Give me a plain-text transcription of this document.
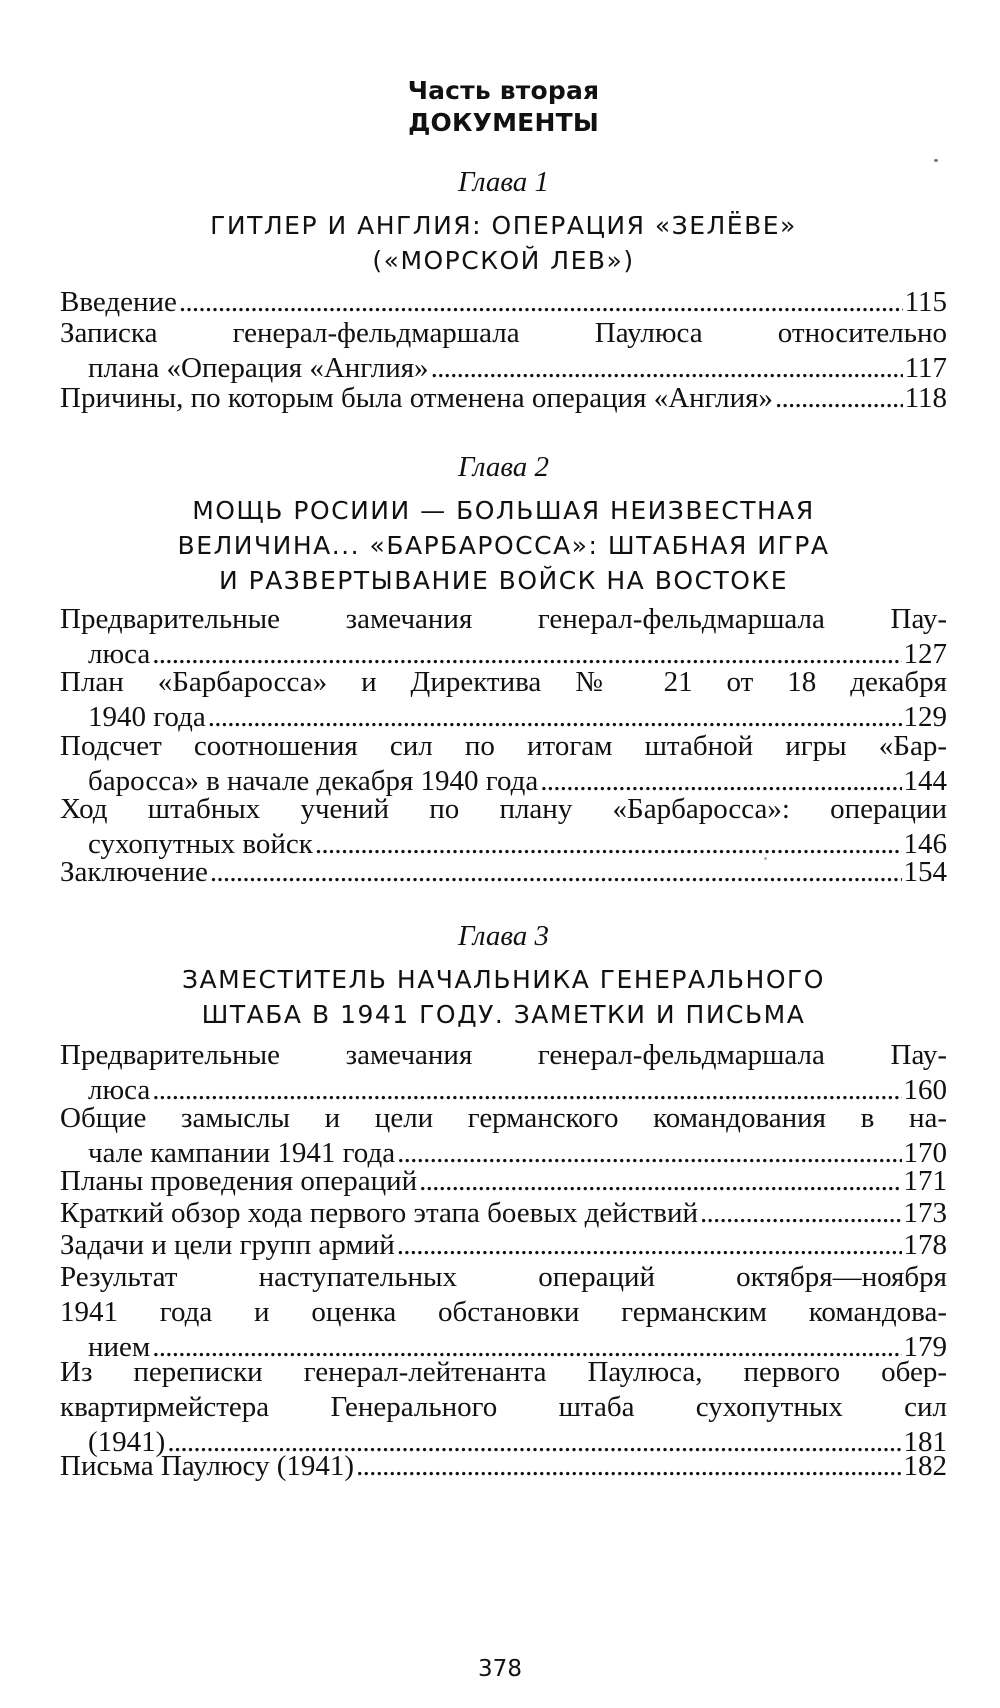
Часть вторая
ДОКУМЕНТЫ
Глава 1
ГИТЛЕР И АНГЛИЯ: ОПЕРАЦИЯ «ЗЕЛЁВЕ»
(«МОРСКОЙ ЛЕВ»)
Введение . . .	115
Записка генерал-фельдмаршала Паулюса относительно
плана «Операция «Англия» . . .	117
Причины, по которым была отменена операция «Англия» . . .	118
Глава 2
МОЩЬ РОСИИИ — БОЛЬШАЯ НЕИЗВЕСТНАЯ
ВЕЛИЧИНА... «БАРБАРОССА»: ШТАБНАЯ ИГРА
И РАЗВЕРТЫВАНИЕ ВОЙСК НА ВОСТОКЕ
Предварительные замечания генерал-фельдмаршала Пау-
люса . . .	127
План «Барбаросса» и Директива № 21 от 18 декабря
1940 года . . .	129
Подсчет соотношения сил по итогам штабной игры «Бар-
баросса» в начале декабря 1940 года . . .	144
Ход штабных учений по плану «Барбаросса»: операции
сухопутных войск . . .	146
Заключение . . .	154
Глава 3
ЗАМЕСТИТЕЛЬ НАЧАЛЬНИКА ГЕНЕРАЛЬНОГО
ШТАБА В 1941 ГОДУ. ЗАМЕТКИ И ПИСЬМА
Предварительные замечания генерал-фельдмаршала Пау-
люса . . .	160
Общие замыслы и цели германского командования в на-
чале кампании 1941 года . . .	170
Планы проведения операций . . .	171
Краткий обзор хода первого этапа боевых действий . . .	173
Задачи и цели групп армий . . .	178
Результат наступательных операций октября—ноября
1941 года и оценка обстановки германским командова-
нием . . .	179
Из переписки генерал-лейтенанта Паулюса, первого обер-
квартирмейстера Генерального штаба сухопутных сил
(1941) . . .	181
Письма Паулюсу (1941) . . .	182
378
